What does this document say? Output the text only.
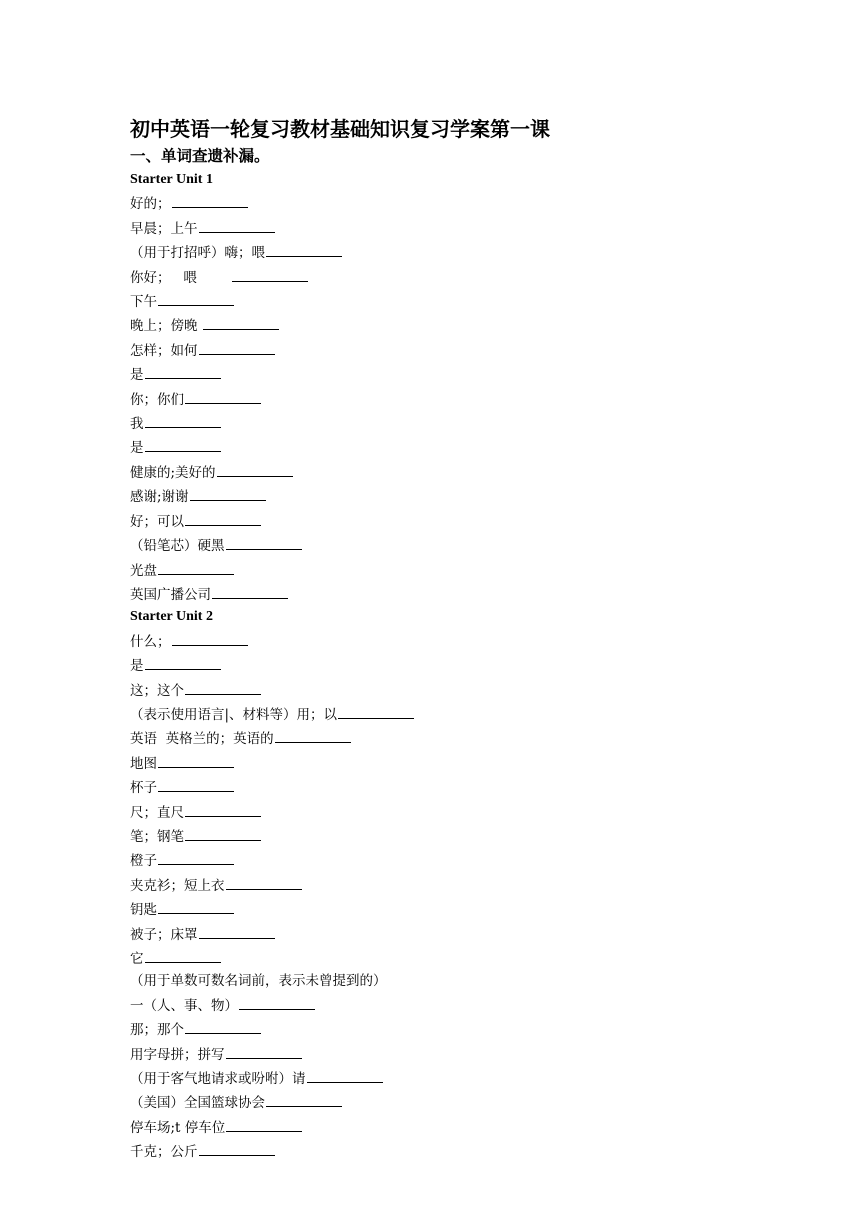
初中英语一轮复习教材基础知识复习学案第一课
一、单词查遗补漏。
Starter Unit 1
好的；
早晨；上午
（用于打招呼）嗨；喂
你好；   喂
下午
晚上；傍晚
怎样；如何
是
你；你们
我
是
健康的;美好的
感谢;谢谢
好；可以
（铅笔芯）硬黑
光盘
英国广播公司
Starter Unit 2
什么；
是
这；这个
（表示使用语言|、材料等）用；以
英语  英格兰的；英语的
地图
杯子
尺；直尺
笔；钢笔
橙子
夹克衫；短上衣
钥匙
被子；床罩
它
（用于单数可数名词前，表示未曾提到的）
一（人、事、物）
那；那个
用字母拼；拼写
（用于客气地请求或吩咐）请
（美国）全国篮球协会
停车场;t 停车位
千克；公斤
